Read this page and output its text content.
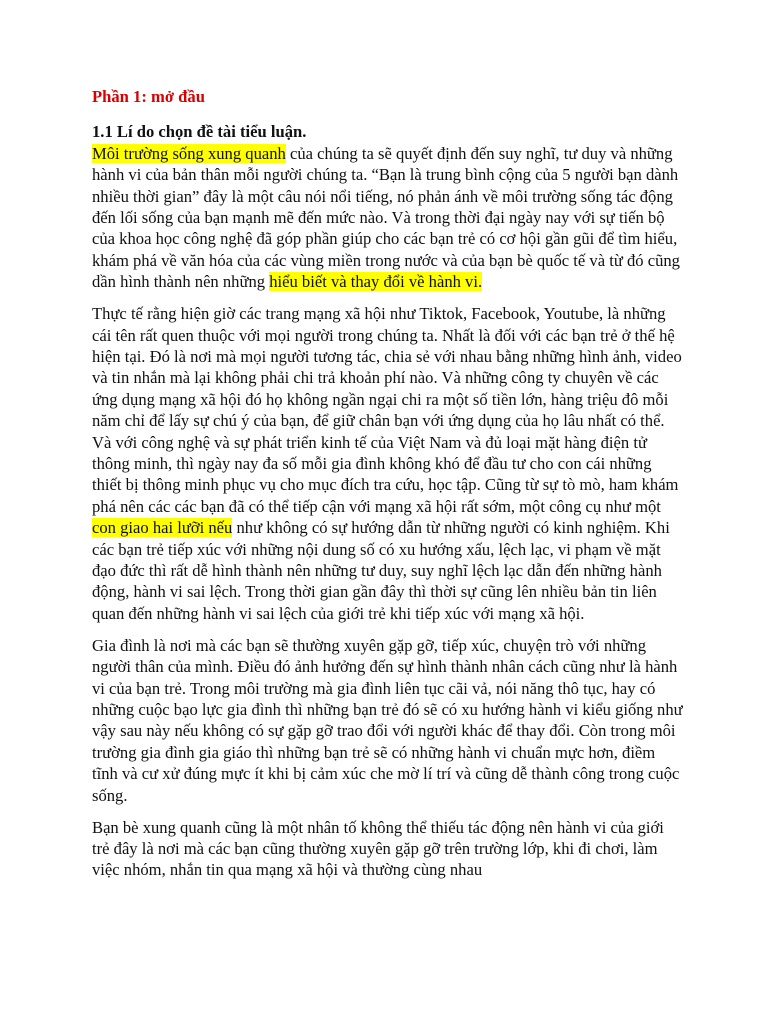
Phần 1: mở đầu
1.1 Lí do chọn đề tài tiểu luận.

Môi trường sống xung quanh của chúng ta sẽ quyết định đến suy nghĩ, tư duy và những hành vi của bản thân mỗi người chúng ta. “Bạn là trung bình cộng của 5 người bạn dành nhiều thời gian” đây là một câu nói nổi tiếng, nó phản ánh về môi trường sống tác động đến lối sống của bạn mạnh mẽ đến mức nào. Và trong thời đại ngày nay với sự tiến bộ của khoa học công nghệ đã góp phần giúp cho các bạn trẻ có cơ hội gần gũi để tìm hiểu, khám phá về văn hóa của các vùng miền trong nước và của bạn bè quốc tế và từ đó cũng dần hình thành nên những hiểu biết và thay đổi về hành vi.

Thực tế rằng hiện giờ các trang mạng xã hội như Tiktok, Facebook, Youtube, là những cái tên rất quen thuộc với mọi người trong chúng ta. Nhất là đối với các bạn trẻ ở thế hệ hiện tại. Đó là nơi mà mọi người tương tác, chia sẻ với nhau bằng những hình ảnh, video và tin nhắn mà lại không phải chi trả khoản phí nào. Và những công ty chuyên về các ứng dụng mạng xã hội đó họ không ngần ngại chi ra một số tiền lớn, hàng triệu đô mỗi năm chỉ để lấy sự chú ý của bạn, để giữ chân bạn với ứng dụng của họ lâu nhất có thể. Và với công nghệ và sự phát triển kinh tế của Việt Nam và đủ loại mặt hàng điện tử thông minh, thì ngày nay đa số mỗi gia đình không khó để đầu tư cho con cái những thiết bị thông minh phục vụ cho mục đích tra cứu, học tập. Cũng từ sự tò mò, ham khám phá nên các các bạn đã có thể tiếp cận với mạng xã hội rất sớm, một công cụ như một con giao hai lưỡi nếu như không có sự hướng dẫn từ những người có kinh nghiệm. Khi các bạn trẻ tiếp xúc với những nội dung số có xu hướng xấu, lệch lạc, vi phạm về mặt đạo đức thì rất dễ hình thành nên những tư duy, suy nghĩ lệch lạc dẫn đến những hành động, hành vi sai lệch. Trong thời gian gần đây thì thời sự cũng lên nhiều bản tin liên quan đến những hành vi sai lệch của giới trẻ khi tiếp xúc với mạng xã hội.

Gia đình là nơi mà các bạn sẽ thường xuyên gặp gỡ, tiếp xúc, chuyện trò với những người thân của mình. Điều đó ảnh hưởng đến sự hình thành nhân cách cũng như là hành vi của bạn trẻ. Trong môi trường mà gia đình liên tục cãi vả, nói năng thô tục, hay có những cuộc bạo lực gia đình thì những bạn trẻ đó sẽ có xu hướng hành vi kiểu giống như vậy sau này nếu không có sự gặp gỡ trao đổi với người khác để thay đổi. Còn trong môi trường gia đình gia giáo thì những bạn trẻ sẽ có những hành vi chuẩn mực hơn, điềm tĩnh và cư xử đúng mực ít khi bị cảm xúc che mờ lí trí và cũng dễ thành công trong cuộc sống.

Bạn bè xung quanh cũng là một nhân tố không thể thiếu tác động nên hành vi của giới trẻ đây là nơi mà các bạn cũng thường xuyên gặp gỡ trên trường lớp, khi đi chơi, làm việc nhóm, nhắn tin qua mạng xã hội và thường cùng nhau
